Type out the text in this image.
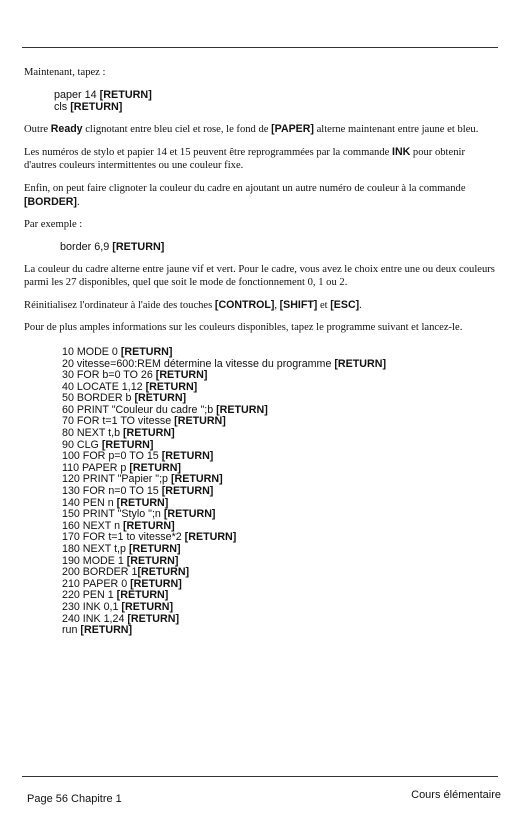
Maintenant, tapez :

paper 14 [RETURN]
cls [RETURN]

Outre Ready clignotant entre bleu ciel et rose, le fond de [PAPER] alterne maintenant entre jaune et bleu.

Les numéros de stylo et papier 14 et 15 peuvent être reprogrammées par la commande INK pour obtenir d'autres couleurs intermittentes ou une couleur fixe.

Enfin, on peut faire clignoter la couleur du cadre en ajoutant un autre numéro de couleur à la commande [BORDER].

Par exemple :

border 6,9 [RETURN]

La couleur du cadre alterne entre jaune vif et vert. Pour le cadre, vous avez le choix entre une ou deux couleurs parmi les 27 disponibles, quel que soit le mode de fonctionnement 0, 1 ou 2.

Réinitialisez l'ordinateur à l'aide des touches [CONTROL], [SHIFT] et [ESC].

Pour de plus amples informations sur les couleurs disponibles, tapez le programme suivant et lancez-le.

10 MODE 0 [RETURN]
20 vitesse=600:REM détermine la vitesse du programme [RETURN]
30 FOR b=0 TO 26 [RETURN]
40 LOCATE 1,12 [RETURN]
50 BORDER b [RETURN]
60 PRINT "Couleur du cadre ";b [RETURN]
70 FOR t=1 TO vitesse [RETURN]
80 NEXT t,b [RETURN]
90 CLG [RETURN]
100 FOR p=0 TO 15 [RETURN]
110 PAPER p [RETURN]
120 PRINT "Papier ";p [RETURN]
130 FOR n=0 TO 15 [RETURN]
140 PEN n [RETURN]
150 PRINT "Stylo ";n [RETURN]
160 NEXT n [RETURN]
170 FOR t=1 to vitesse*2 [RETURN]
180 NEXT t,p [RETURN]
190 MODE 1 [RETURN]
200 BORDER 1[RETURN]
210 PAPER 0 [RETURN]
220 PEN 1 [RETURN]
230 INK 0,1 [RETURN]
240 INK 1,24 [RETURN]
run [RETURN]
Page 56 Chapitre 1	Cours élémentaire
